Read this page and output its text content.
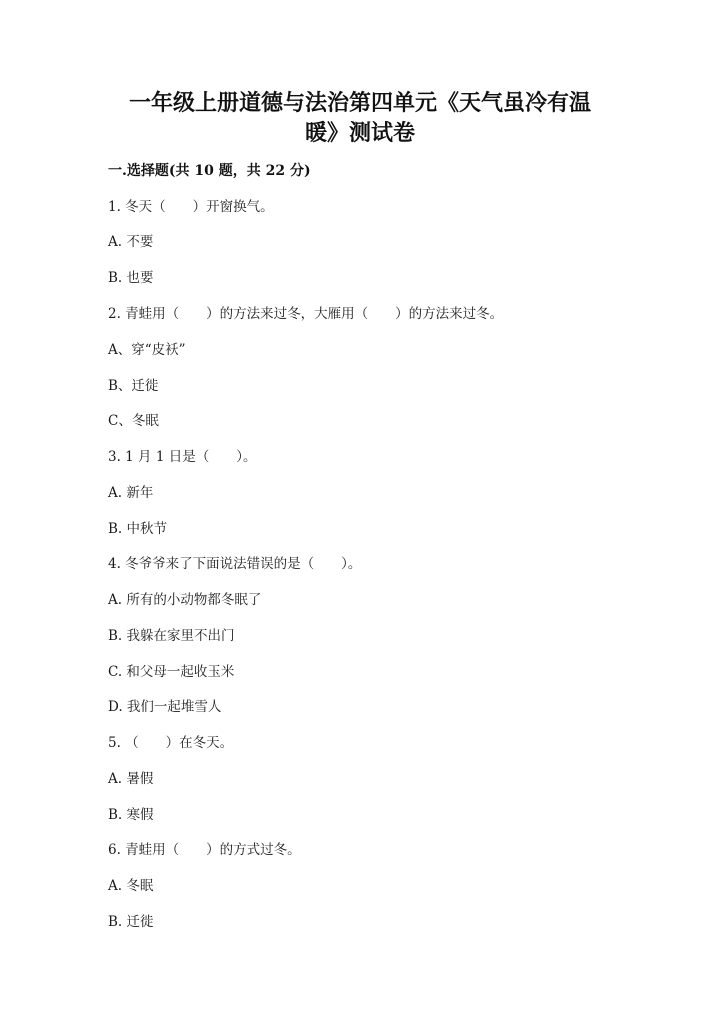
一年级上册道德与法治第四单元《天气虽冷有温
暖》测试卷
一.选择题(共 10 题，共 22 分)
1. 冬天（　　）开窗换气。
A. 不要
B. 也要
2. 青蛙用（　　）的方法来过冬，大雁用（　　）的方法来过冬。
A、穿“皮袄”
B、迁徙
C、冬眠
3. 1 月 1 日是（　　）。
A. 新年
B. 中秋节
4. 冬爷爷来了下面说法错误的是（　　）。
A. 所有的小动物都冬眠了
B. 我躲在家里不出门
C. 和父母一起收玉米
D. 我们一起堆雪人
5. （　　）在冬天。
A. 暑假
B. 寒假
6. 青蛙用（　　）的方式过冬。
A. 冬眠
B. 迁徙
